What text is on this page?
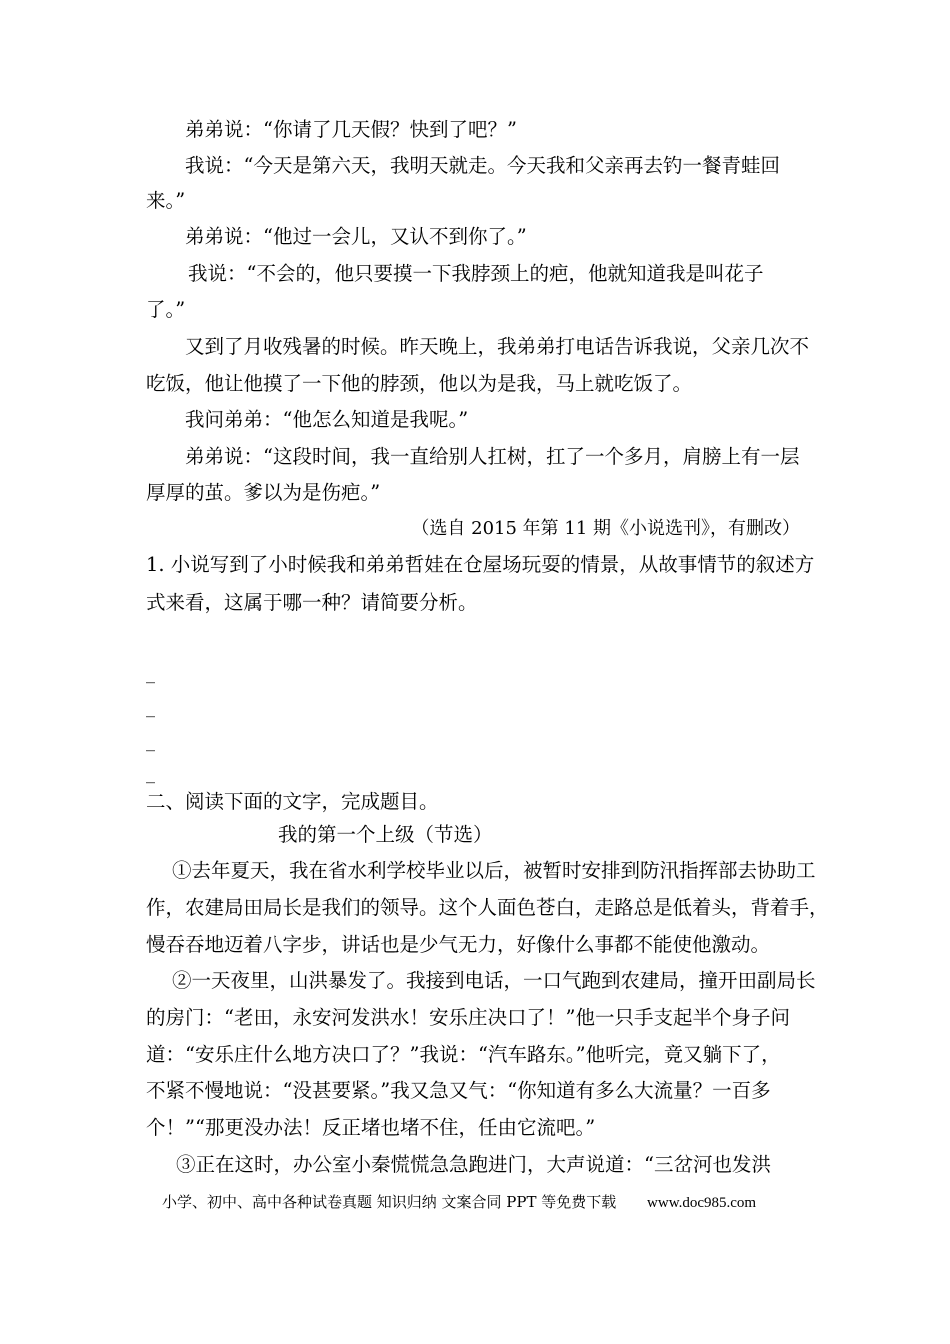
弟弟说：“你请了几天假？快到了吧？”

我说：“今天是第六天，我明天就走。今天我和父亲再去钓一餐青蛙回

来。”

弟弟说：“他过一会儿，又认不到你了。”

我说：“不会的，他只要摸一下我脖颈上的疤，他就知道我是叫花子

了。”

又到了月收残暑的时候。昨天晚上，我弟弟打电话告诉我说，父亲几次不

吃饭，他让他摸了一下他的脖颈，他以为是我，马上就吃饭了。

我问弟弟：“他怎么知道是我呢。”

弟弟说：“这段时间，我一直给别人扛树，扛了一个多月，肩膀上有一层

厚厚的茧。爹以为是伤疤。”

1. 小说写到了小时候我和弟弟哲娃在仓屋场玩耍的情景，从故事情节的叙述方

式来看，这属于哪一种？请简要分析。

二、阅读下面的文字，完成题目。

我的第一个上级（节选）

①去年夏天，我在省水利学校毕业以后，被暂时安排到防汛指挥部去协助工

作，农建局田局长是我们的领导。这个人面色苍白，走路总是低着头，背着手，

慢吞吞地迈着八字步，讲话也是少气无力，好像什么事都不能使他激动。

②一天夜里，山洪暴发了。我接到电话，一口气跑到农建局，撞开田副局长

的房门：“老田，永安河发洪水！安乐庄决口了！”他一只手支起半个身子问

道：“安乐庄什么地方决口了？”我说：“汽车路东。”他听完，竟又躺下了，

不紧不慢地说：“没甚要紧。”我又急又气：“你知道有多么大流量？一百多

个！”“那更没办法！反正堵也堵不住，任由它流吧。”

③正在这时，办公室小秦慌慌急急跑进门，大声说道：“三岔河也发洪

（选自 2015 年第 11 期《小说选刊》，有删改）

_
_
_
_
小学、初中、高中各种试卷真题 知识归纳 文案合同 PPT 等免费下载 www.doc985.com
